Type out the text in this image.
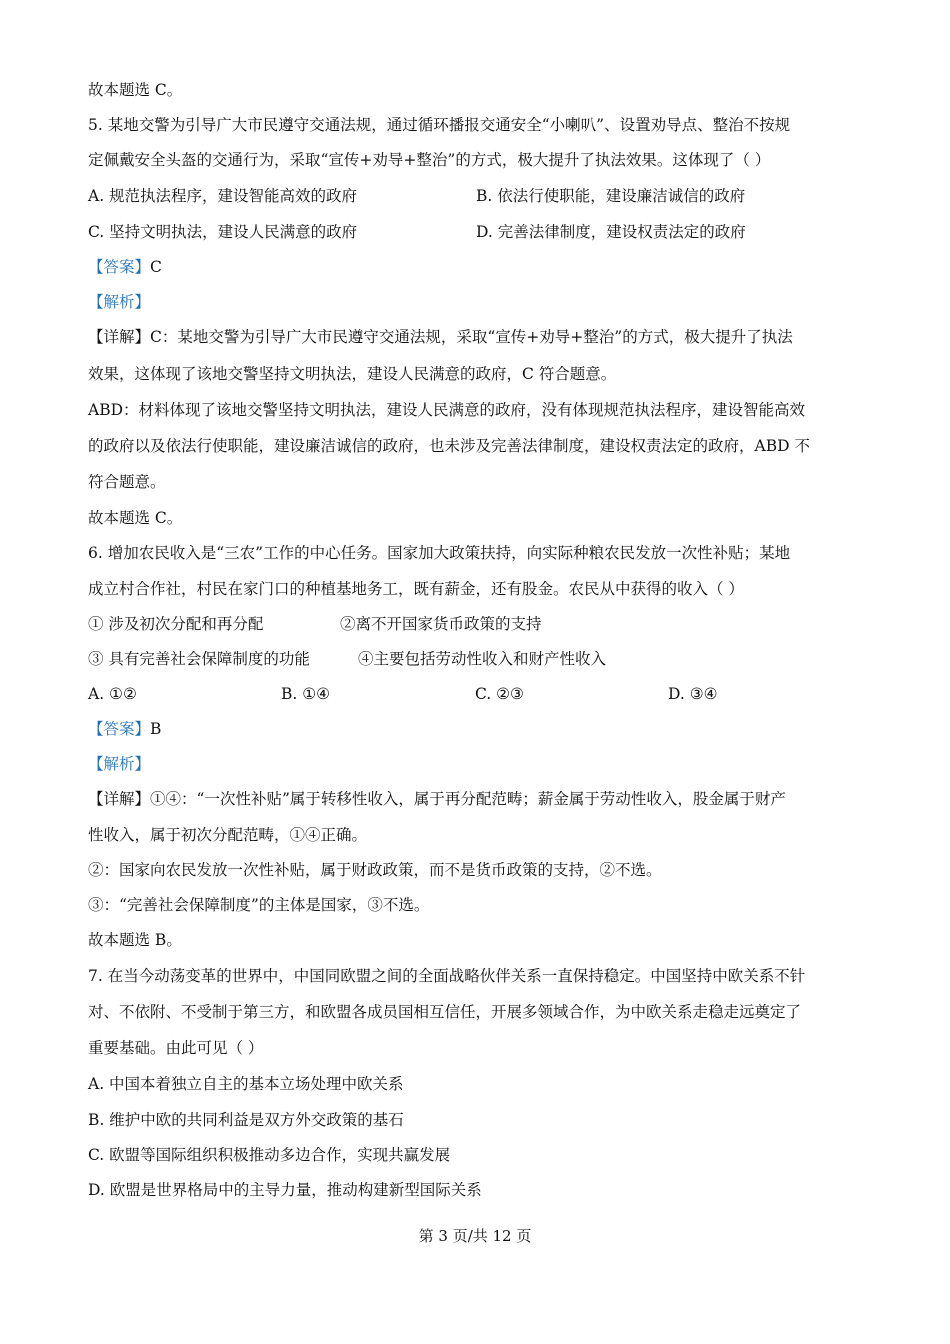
故本题选 C。
5. 某地交警为引导广大市民遵守交通法规，通过循环播报交通安全“小喇叭”、设置劝导点、整治不按规
定佩戴安全头盔的交通行为，采取“宣传+劝导+整治”的方式，极大提升了执法效果。这体现了（ ）
A. 规范执法程序，建设智能高效的政府	B. 依法行使职能，建设廉洁诚信的政府
C. 坚持文明执法，建设人民满意的政府	D. 完善法律制度，建设权责法定的政府
【答案】C
【解析】
【详解】C：某地交警为引导广大市民遵守交通法规，采取“宣传+劝导+整治”的方式，极大提升了执法
效果，这体现了该地交警坚持文明执法，建设人民满意的政府，C 符合题意。
ABD：材料体现了该地交警坚持文明执法，建设人民满意的政府，没有体现规范执法程序，建设智能高效
的政府以及依法行使职能，建设廉洁诚信的政府，也未涉及完善法律制度，建设权责法定的政府，ABD 不
符合题意。
故本题选 C。
6. 增加农民收入是“三农”工作的中心任务。国家加大政策扶持，向实际种粮农民发放一次性补贴；某地
成立村合作社，村民在家门口的种植基地务工，既有薪金，还有股金。农民从中获得的收入（ ）
① 涉及初次分配和再分配	②离不开国家货币政策的支持
③ 具有完善社会保障制度的功能	④主要包括劳动性收入和财产性收入
A. ①②	B. ①④	C. ②③	D. ③④
【答案】B
【解析】
【详解】①④：“一次性补贴”属于转移性收入，属于再分配范畴；薪金属于劳动性收入，股金属于财产
性收入，属于初次分配范畴，①④正确。
②：国家向农民发放一次性补贴，属于财政政策，而不是货币政策的支持，②不选。
③：“完善社会保障制度”的主体是国家，③不选。
故本题选 B。
7. 在当今动荡变革的世界中，中国同欧盟之间的全面战略伙伴关系一直保持稳定。中国坚持中欧关系不针
对、不依附、不受制于第三方，和欧盟各成员国相互信任，开展多领域合作，为中欧关系走稳走远奠定了
重要基础。由此可见（ ）
A. 中国本着独立自主的基本立场处理中欧关系
B. 维护中欧的共同利益是双方外交政策的基石
C. 欧盟等国际组织积极推动多边合作，实现共赢发展
D. 欧盟是世界格局中的主导力量，推动构建新型国际关系
第 3 页/共 12 页
